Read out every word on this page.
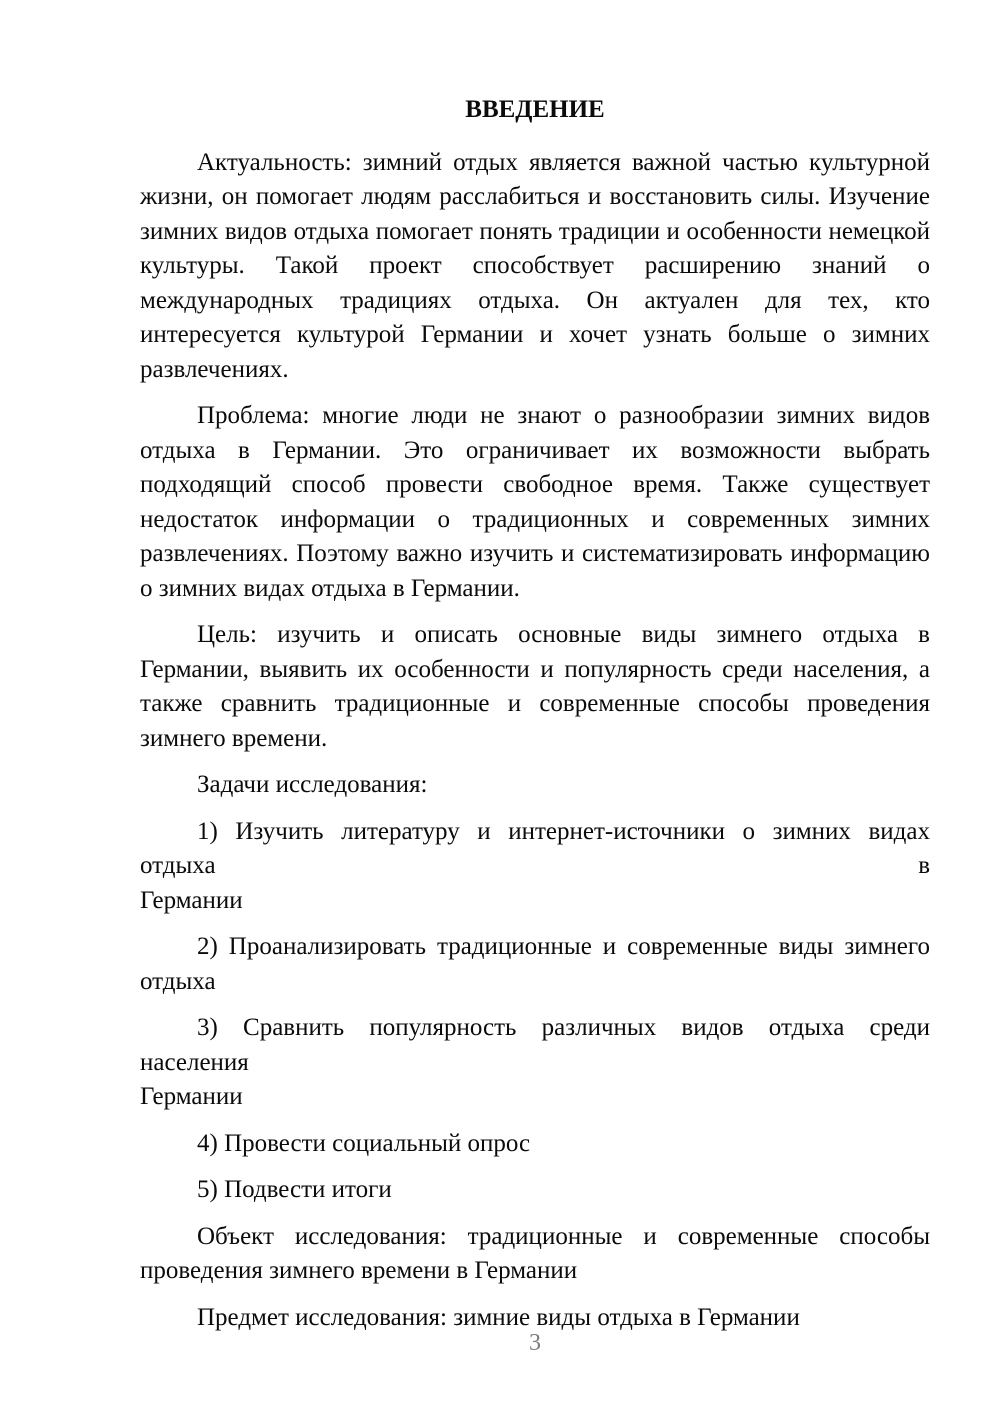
ВВЕДЕНИЕ
Актуальность: зимний отдых является важной частью культурной
жизни, он помогает людям расслабиться и восстановить силы. Изучение
зимних видов отдыха помогает понять традиции и особенности немецкой
культуры. Такой проект способствует расширению знаний о
международных традициях отдыха. Он актуален для тех, кто
интересуется культурой Германии и хочет узнать больше о зимних
развлечениях.
Проблема: многие люди не знают о разнообразии зимних видов
отдыха в Германии. Это ограничивает их возможности выбрать
подходящий способ провести свободное время. Также существует
недостаток информации о традиционных и современных зимних
развлечениях. Поэтому важно изучить и систематизировать информацию
о зимних видах отдыха в Германии.
Цель: изучить и описать основные виды зимнего отдыха в
Германии, выявить их особенности и популярность среди населения, а
также сравнить традиционные и современные способы проведения
зимнего времени.
Задачи исследования:
1) Изучить литературу и интернет-источники о зимних видах отдыха в
Германии
2) Проанализировать традиционные и современные виды зимнего
отдыха
3) Сравнить популярность различных видов отдыха среди населения
Германии
4) Провести социальный опрос
5) Подвести итоги
Объект исследования: традиционные и современные способы
проведения зимнего времени в Германии
Предмет исследования: зимние виды отдыха в Германии
3
